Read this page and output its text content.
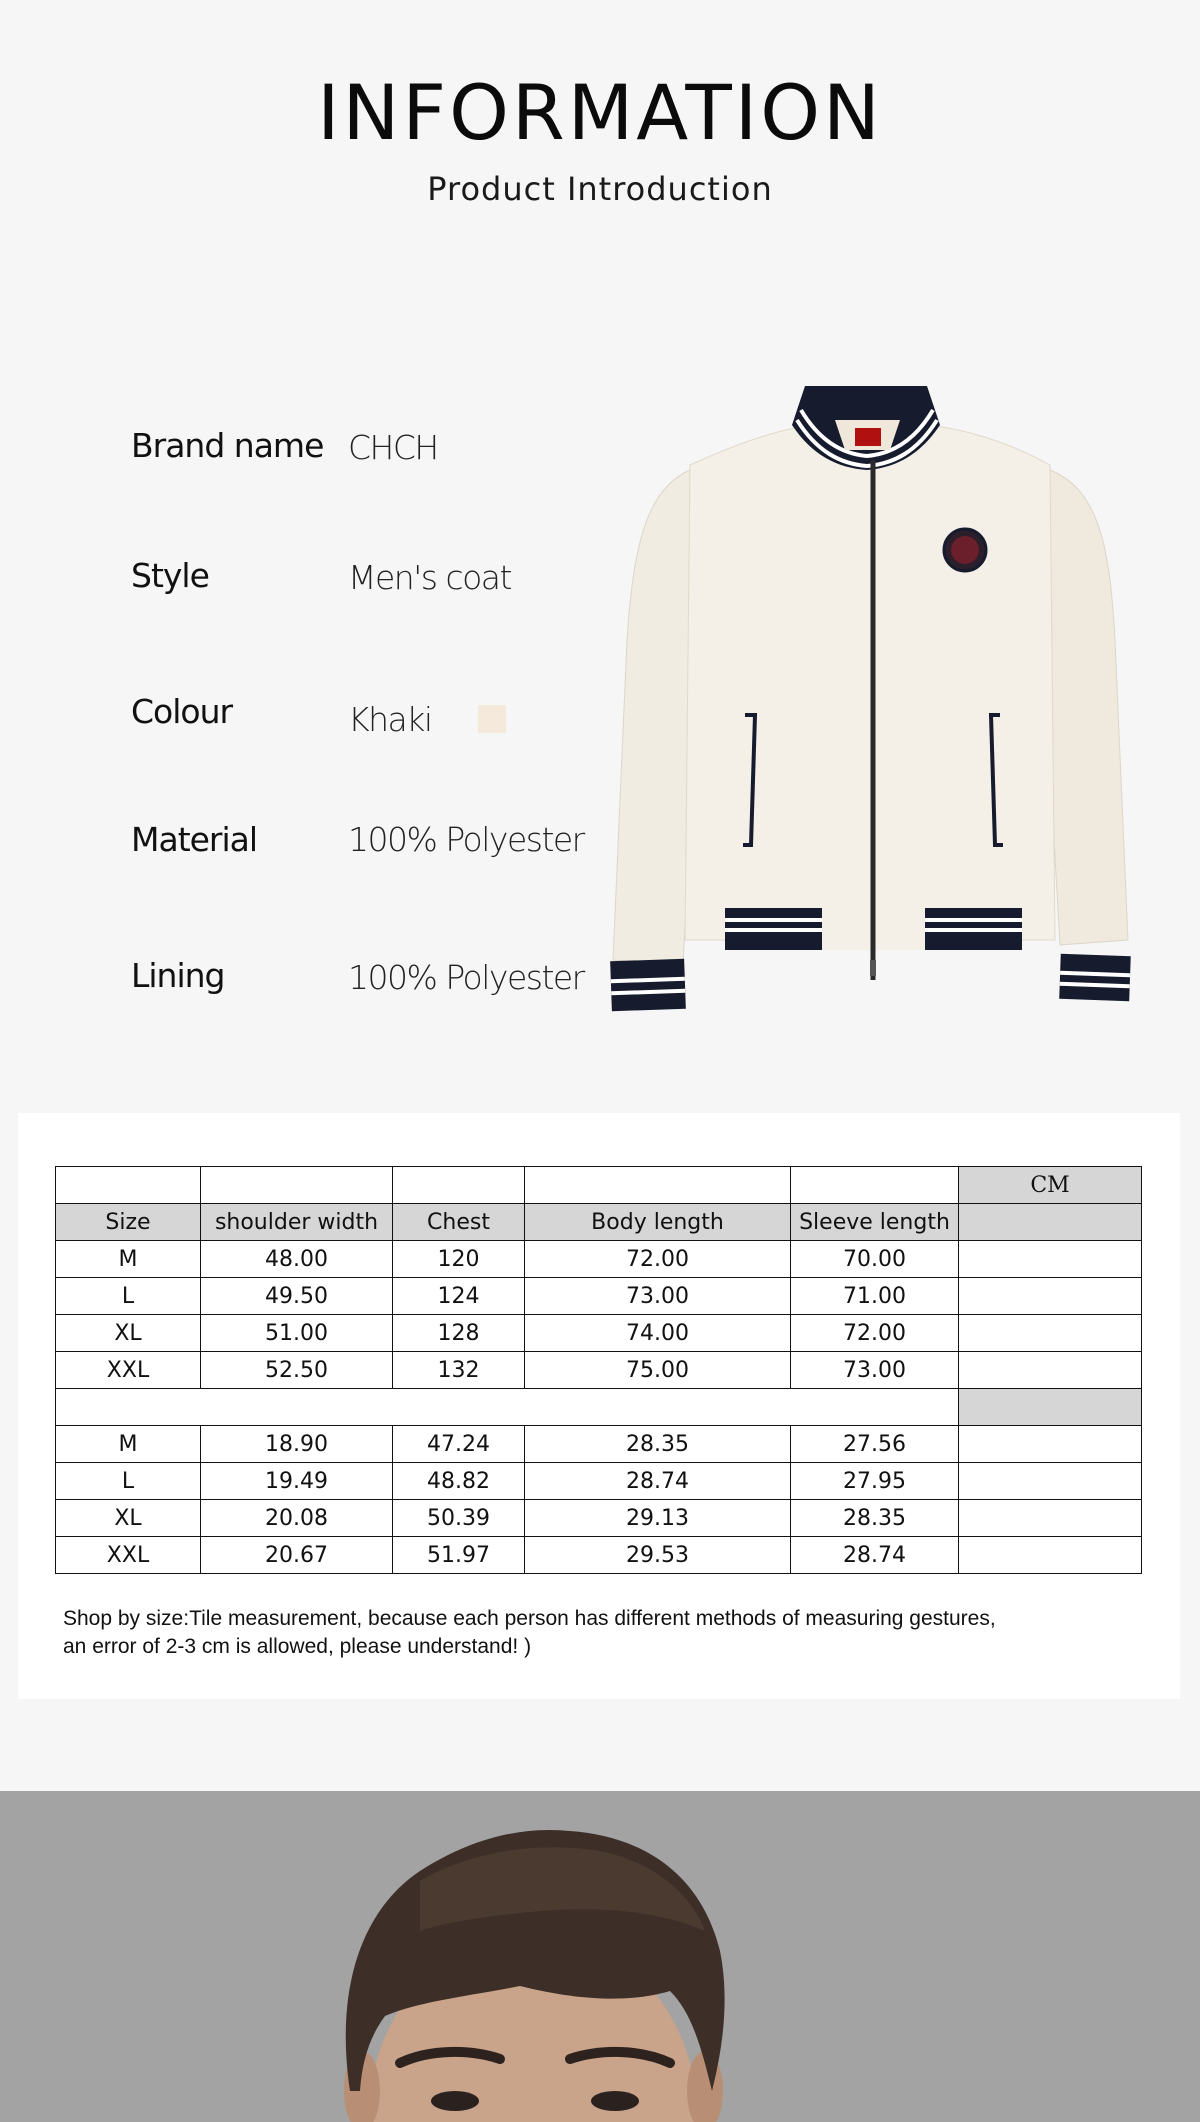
INFORMATION
Product Introduction
Brand name CHCH
Style	Men's coat
Colour	Khaki
Material	100% Polyester
Lining	100% Polyester
					CM
Size	shoulder width	Chest	Body length	Sleeve length	
M	48.00	120	72.00	70.00	
L	49.50	124	73.00	71.00	
XL	51.00	128	74.00	72.00	
XXL	52.50	132	75.00	73.00	

M	18.90	47.24	28.35	27.56	
L	19.49	48.82	28.74	27.95	
XL	20.08	50.39	29.13	28.35	
XXL	20.67	51.97	29.53	28.74	
Shop by size:Tile measurement, because each person has different methods of measuring gestures,
an error of 2-3 cm is allowed, please understand! )
